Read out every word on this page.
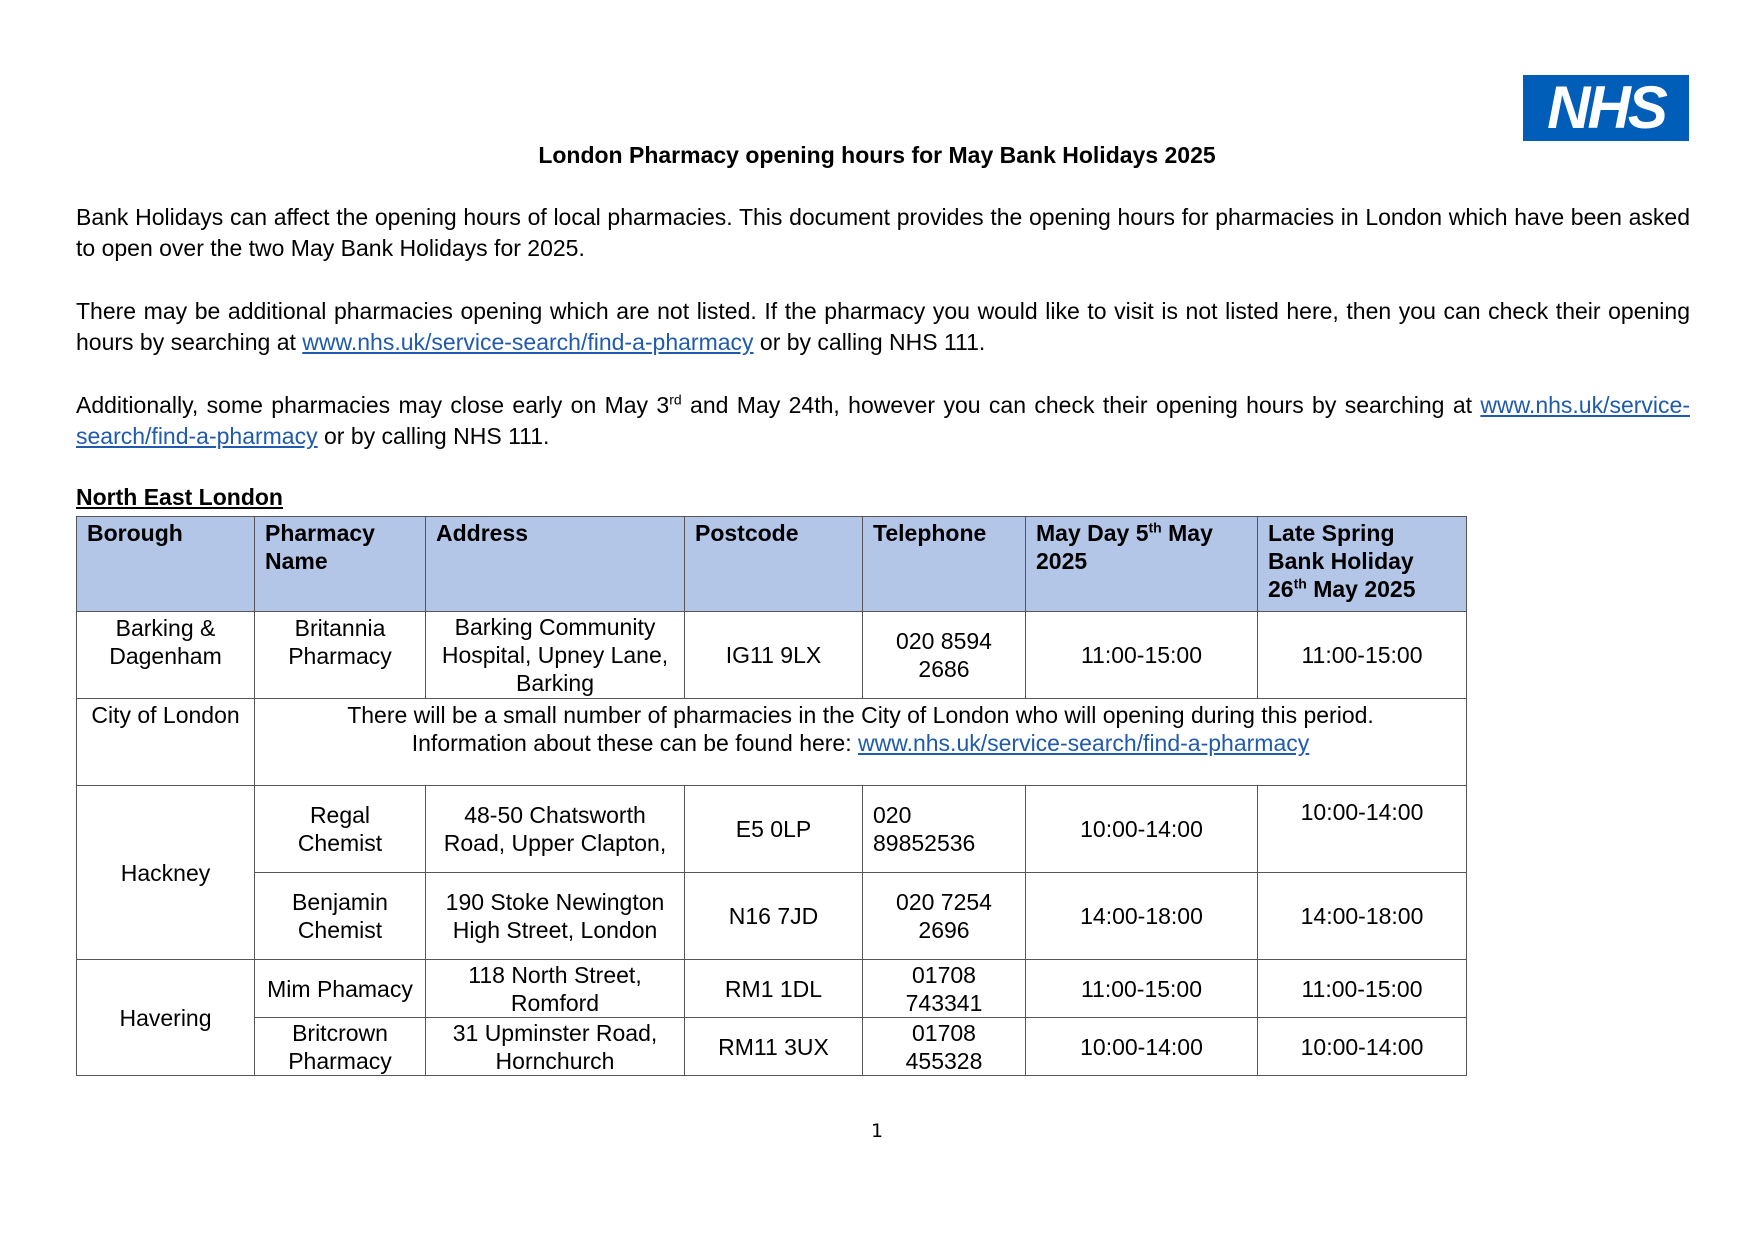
NHS
London Pharmacy opening hours for May Bank Holidays 2025
Bank Holidays can affect the opening hours of local pharmacies. This document provides the opening hours for pharmacies in London which have been asked to open over the two May Bank Holidays for 2025.
There may be additional pharmacies opening which are not listed. If the pharmacy you would like to visit is not listed here, then you can check their opening hours by searching at www.nhs.uk/service-search/find-a-pharmacy or by calling NHS 111.
Additionally, some pharmacies may close early on May 3rd and May 24th, however you can check their opening hours by searching at www.nhs.uk/service-search/find-a-pharmacy or by calling NHS 111.
North East London
Borough	Pharmacy Name	Address	Postcode	Telephone	May Day 5th May 2025	Late Spring Bank Holiday 26th May 2025
Barking & Dagenham	Britannia Pharmacy	Barking Community Hospital, Upney Lane, Barking	IG11 9LX	020 8594 2686	11:00-15:00	11:00-15:00
City of London	There will be a small number of pharmacies in the City of London who will opening during this period.
Information about these can be found here: www.nhs.uk/service-search/find-a-pharmacy					

Hackney	Regal Chemist	48-50 Chatsworth Road, Upper Clapton,	E5 0LP	020 89852536	10:00-14:00	10:00-14:00
	Benjamin Chemist	190 Stoke Newington High Street, London	N16 7JD	020 7254 2696	14:00-18:00	14:00-18:00
Havering	Mim Phamacy	118 North Street, Romford	RM1 1DL	01708 743341	11:00-15:00	11:00-15:00
	Britcrown Pharmacy	31 Upminster Road, Hornchurch	RM11 3UX	01708 455328	10:00-14:00	10:00-14:00
1
